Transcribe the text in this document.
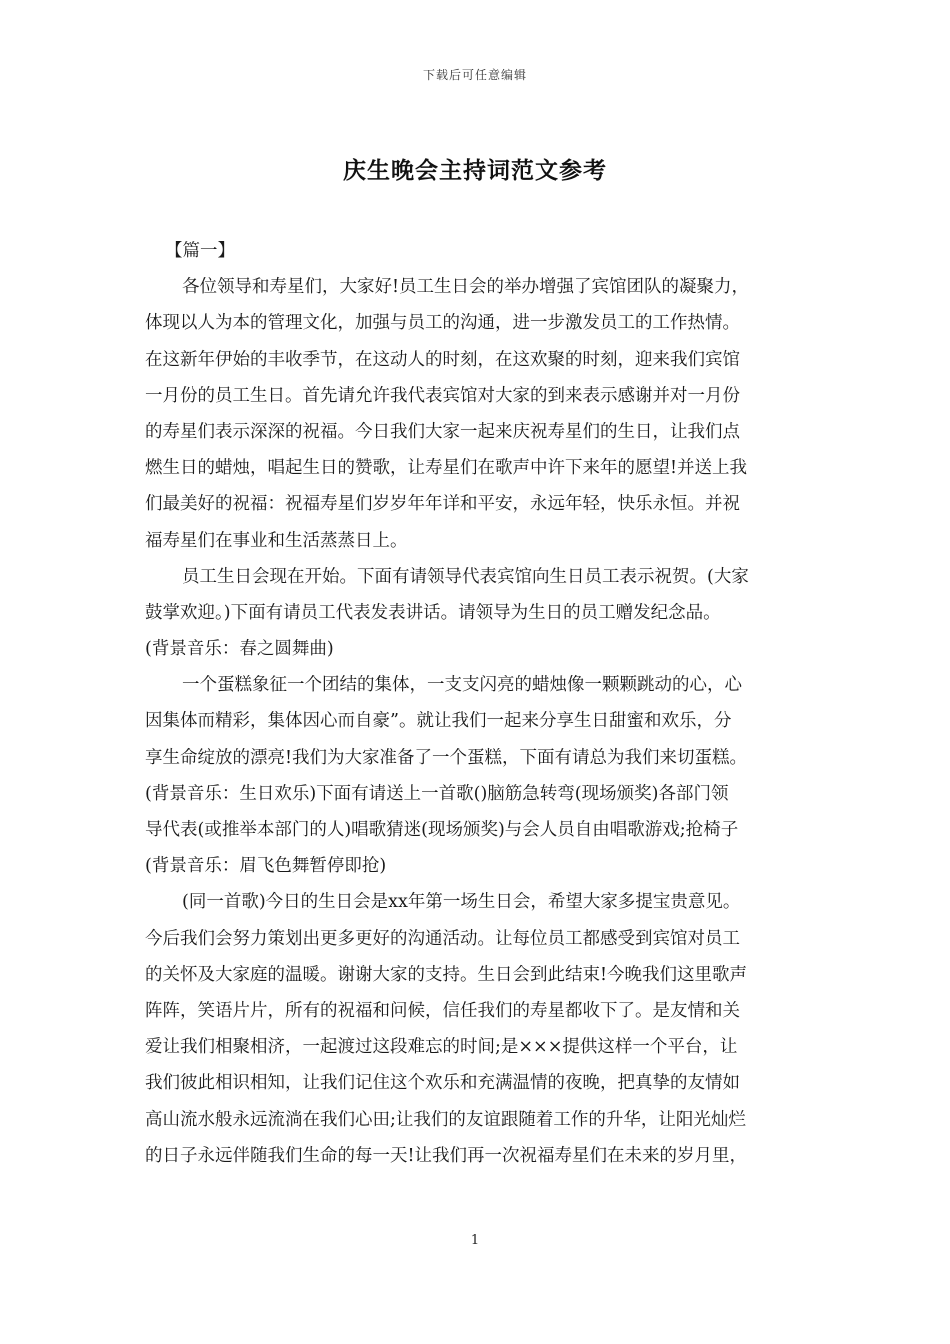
下载后可任意编辑
庆生晚会主持词范文参考
【篇一】
各位领导和寿星们，大家好!员工生日会的举办增强了宾馆团队的凝聚力，
体现以人为本的管理文化，加强与员工的沟通，进一步激发员工的工作热情。
在这新年伊始的丰收季节，在这动人的时刻，在这欢聚的时刻，迎来我们宾馆
一月份的员工生日。首先请允许我代表宾馆对大家的到来表示感谢并对一月份
的寿星们表示深深的祝福。今日我们大家一起来庆祝寿星们的生日，让我们点
燃生日的蜡烛，唱起生日的赞歌，让寿星们在歌声中许下来年的愿望!并送上我
们最美好的祝福：祝福寿星们岁岁年年详和平安，永远年轻，快乐永恒。并祝
福寿星们在事业和生活蒸蒸日上。
员工生日会现在开始。下面有请领导代表宾馆向生日员工表示祝贺。(大家
鼓掌欢迎。)下面有请员工代表发表讲话。请领导为生日的员工赠发纪念品。
(背景音乐：春之圆舞曲)
一个蛋糕象征一个团结的集体，一支支闪亮的蜡烛像一颗颗跳动的心，心
因集体而精彩，集体因心而自豪”。就让我们一起来分享生日甜蜜和欢乐，分
享生命绽放的漂亮!我们为大家准备了一个蛋糕，下面有请总为我们来切蛋糕。
(背景音乐：生日欢乐)下面有请送上一首歌()脑筋急转弯(现场颁奖)各部门领
导代表(或推举本部门的人)唱歌猜迷(现场颁奖)与会人员自由唱歌游戏;抢椅子
(背景音乐：眉飞色舞暂停即抢)
(同一首歌)今日的生日会是xx年第一场生日会，希望大家多提宝贵意见。
今后我们会努力策划出更多更好的沟通活动。让每位员工都感受到宾馆对员工
的关怀及大家庭的温暖。谢谢大家的支持。生日会到此结束!今晚我们这里歌声
阵阵，笑语片片，所有的祝福和问候，信任我们的寿星都收下了。是友情和关
爱让我们相聚相济，一起渡过这段难忘的时间;是×××提供这样一个平台，让
我们彼此相识相知，让我们记住这个欢乐和充满温情的夜晚，把真挚的友情如
高山流水般永远流淌在我们心田;让我们的友谊跟随着工作的升华，让阳光灿烂
的日子永远伴随我们生命的每一天!让我们再一次祝福寿星们在未来的岁月里，
1
